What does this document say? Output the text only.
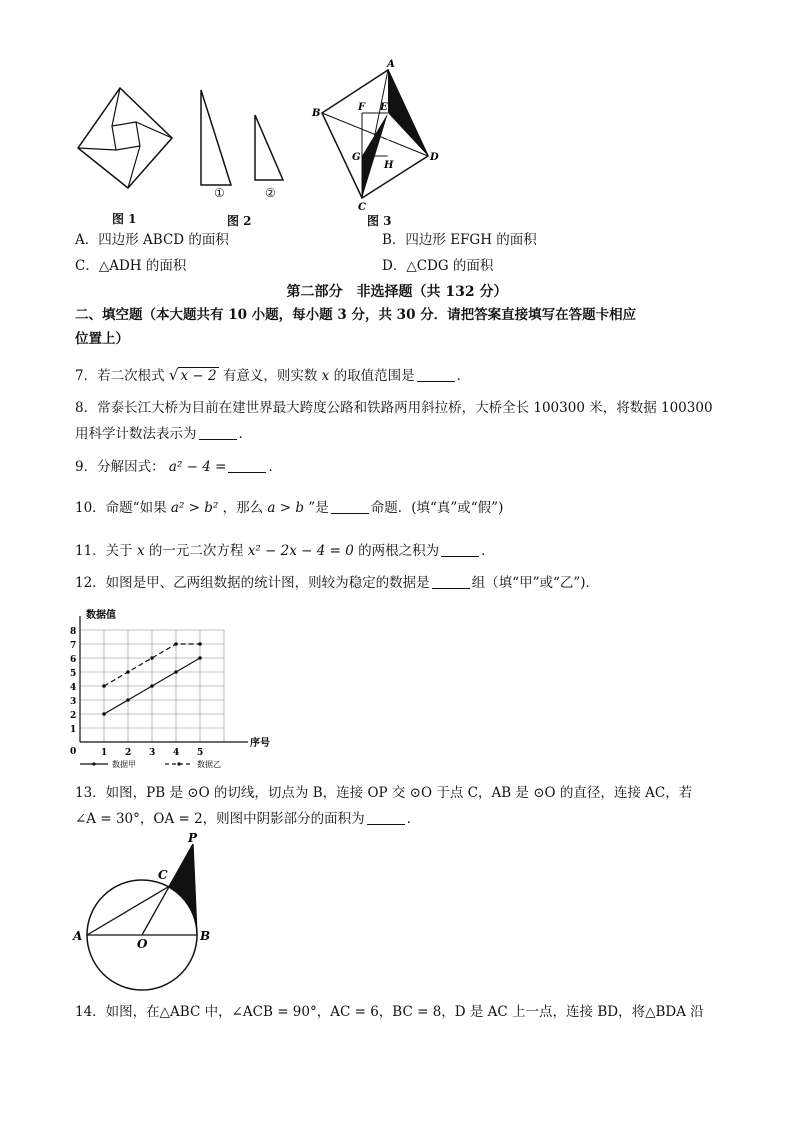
图 1
①	②
图 2
A
B
F E
G
H
D
C
图 3
A．四边形 ABCD 的面积	B．四边形 EFGH 的面积
C．△ADH 的面积	D．△CDG 的面积
第二部分　非选择题（共 132 分）
二、填空题（本大题共有 10 小题，每小题 3 分，共 30 分．请把答案直接填写在答题卡相应
位置上）
7．若二次根式 √ x − 2 有意义，则实数 x 的取值范围是	．
8．常泰长江大桥为目前在建世界最大跨度公路和铁路两用斜拉桥，大桥全长 100300 米，将数据 100300
用科学计数法表示为	．
9．分解因式： a² − 4 =	．
10．命题“如果 a² > b² ，那么 a > b ”是	命题．(填“真”或“假”)
11．关于 x 的一元二次方程 x² − 2x − 4 = 0 的两根之积为	．
12．如图是甲、乙两组数据的统计图，则较为稳定的数据是	组（填“甲”或“乙”)．
1
2
3
4
5
6
7
8
1 2 3 4 5
0
数据值
序号
数据甲	数据乙
13．如图，PB 是 ⊙O 的切线，切点为 B，连接 OP 交 ⊙O 于点 C，AB 是 ⊙O 的直径，连接 AC，若
∠A = 30°，OA = 2，则图中阴影部分的面积为	．
P
C
A
O
B
14．如图，在△ABC 中，∠ACB = 90°，AC = 6，BC = 8，D 是 AC 上一点，连接 BD，将△BDA 沿
